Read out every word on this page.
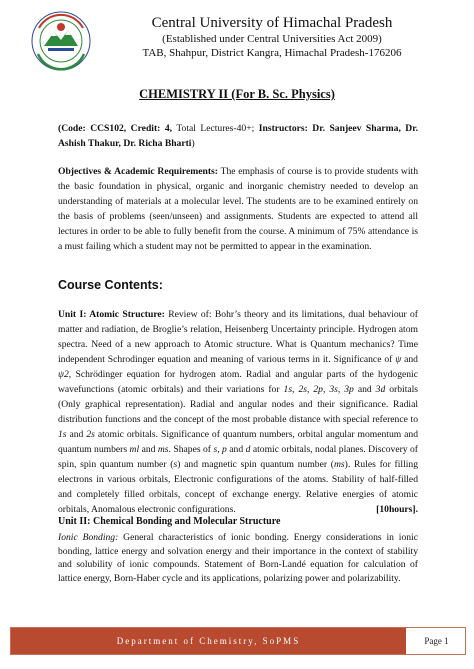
Central University of Himachal Pradesh
(Established under Central Universities Act 2009)
TAB, Shahpur, District Kangra, Himachal Pradesh-176206
CHEMISTRY II (For B. Sc. Physics)
(Code: CCS102, Credit: 4, Total Lectures-40+; Instructors: Dr. Sanjeev Sharma, Dr. Ashish Thakur, Dr. Richa Bharti)
Objectives & Academic Requirements: The emphasis of course is to provide students with the basic foundation in physical, organic and inorganic chemistry needed to develop an understanding of materials at a molecular level. The students are to be examined entirely on the basis of problems (seen/unseen) and assignments. Students are expected to attend all lectures in order to be able to fully benefit from the course. A minimum of 75% attendance is a must failing which a student may not be permitted to appear in the examination.
Course Contents:
Unit I: Atomic Structure: Review of: Bohr’s theory and its limitations, dual behaviour of matter and radiation, de Broglie’s relation, Heisenberg Uncertainty principle. Hydrogen atom spectra. Need of a new approach to Atomic structure. What is Quantum mechanics? Time independent Schrodinger equation and meaning of various terms in it. Significance of ψ and ψ2, Schrödinger equation for hydrogen atom. Radial and angular parts of the hydogenic wavefunctions (atomic orbitals) and their variations for 1s, 2s, 2p, 3s, 3p and 3d orbitals (Only graphical representation). Radial and angular nodes and their significance. Radial distribution functions and the concept of the most probable distance with special reference to 1s and 2s atomic orbitals. Significance of quantum numbers, orbital angular momentum and quantum numbers ml and ms. Shapes of s, p and d atomic orbitals, nodal planes. Discovery of spin, spin quantum number (s) and magnetic spin quantum number (ms). Rules for filling electrons in various orbitals, Electronic configurations of the atoms. Stability of half-filled and completely filled orbitals, concept of exchange energy. Relative energies of atomic orbitals, Anomalous electronic configurations.	[10hours].
Unit II: Chemical Bonding and Molecular Structure
Ionic Bonding: General characteristics of ionic bonding. Energy considerations in ionic bonding, lattice energy and solvation energy and their importance in the context of stability and solubility of ionic compounds. Statement of Born-Landé equation for calculation of lattice energy, Born-Haber cycle and its applications, polarizing power and polarizability.
Department of Chemistry, SoPMS	Page 1
